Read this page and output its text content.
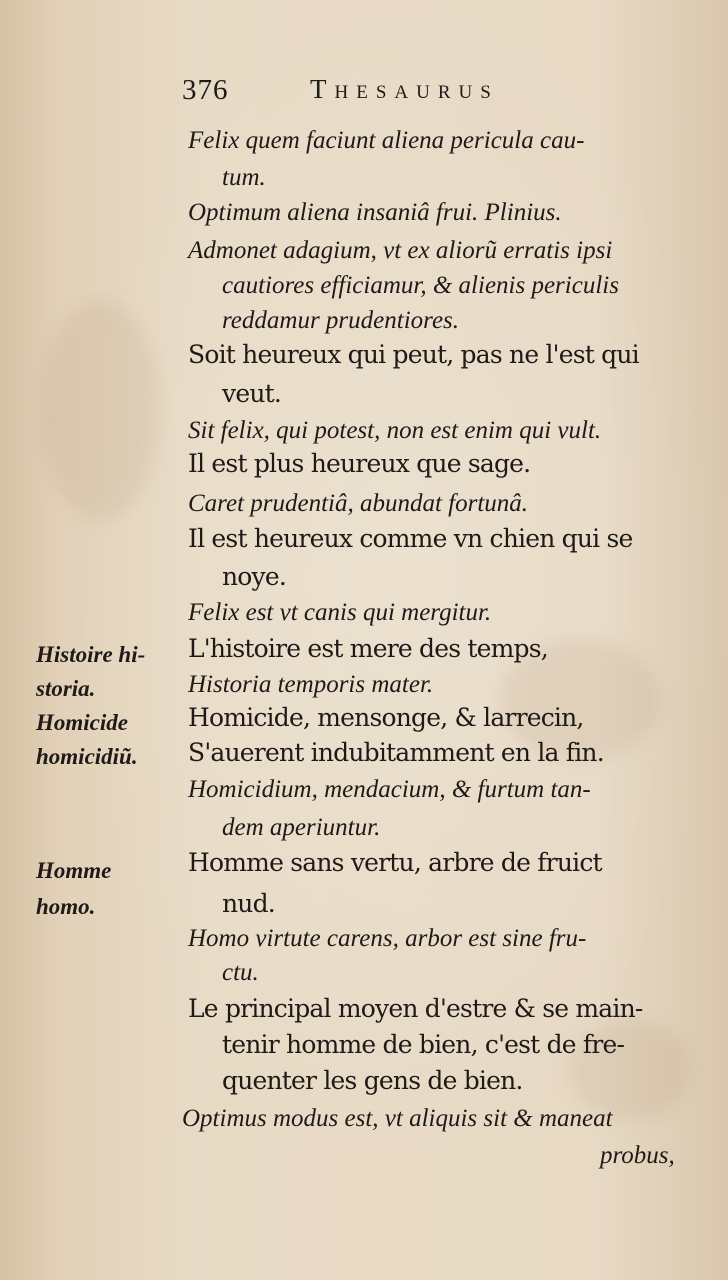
376	Thesaurus
Histoire hi-
storia.
Homicide
homicidiũ.
Homme
homo.
Felix quem faciunt aliena pericula cau-
tum.
Optimum aliena insaniâ frui. Plinius.
Admonet adagium, vt ex aliorũ erratis ipsi
cautiores efficiamur, & alienis periculis
reddamur prudentiores.
Soit heureux qui peut, pas ne l'est qui
veut.
Sit felix, qui potest, non est enim qui vult.
Il est plus heureux que sage.
Caret prudentiâ, abundat fortunâ.
Il est heureux comme vn chien qui se
noye.
Felix est vt canis qui mergitur.
L'histoire est mere des temps,
Historia temporis mater.
Homicide, mensonge, & larrecin,
S'auerent indubitamment en la fin.
Homicidium, mendacium, & furtum tan-
dem aperiuntur.
Homme sans vertu, arbre de fruict
nud.
Homo virtute carens, arbor est sine fru-
ctu.
Le principal moyen d'estre & se main-
tenir homme de bien, c'est de fre-
quenter les gens de bien.
Optimus modus est, vt aliquis sit & maneat
probus,
